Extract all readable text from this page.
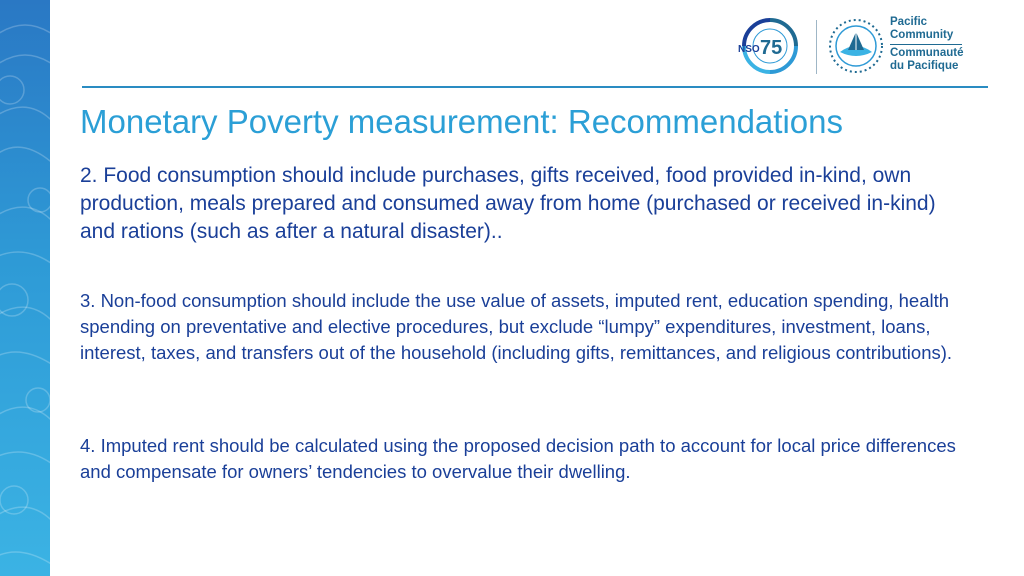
NSO 75
Pacific
Community
Communauté
du Pacifique
Monetary Poverty measurement: Recommendations

2. Food consumption should include purchases, gifts received, food provided in-kind, own production, meals prepared and consumed away from home (purchased or received in-kind) and rations (such as after a natural disaster)..

3. Non-food consumption should include the use value of assets, imputed rent, education spending, health spending on preventative and elective procedures, but exclude “lumpy” expenditures, investment, loans, interest, taxes, and transfers out of the household (including gifts, remittances, and religious contributions).

4. Imputed rent should be calculated using the proposed decision path to account for local price differences and compensate for owners’ tendencies to overvalue their dwelling.
